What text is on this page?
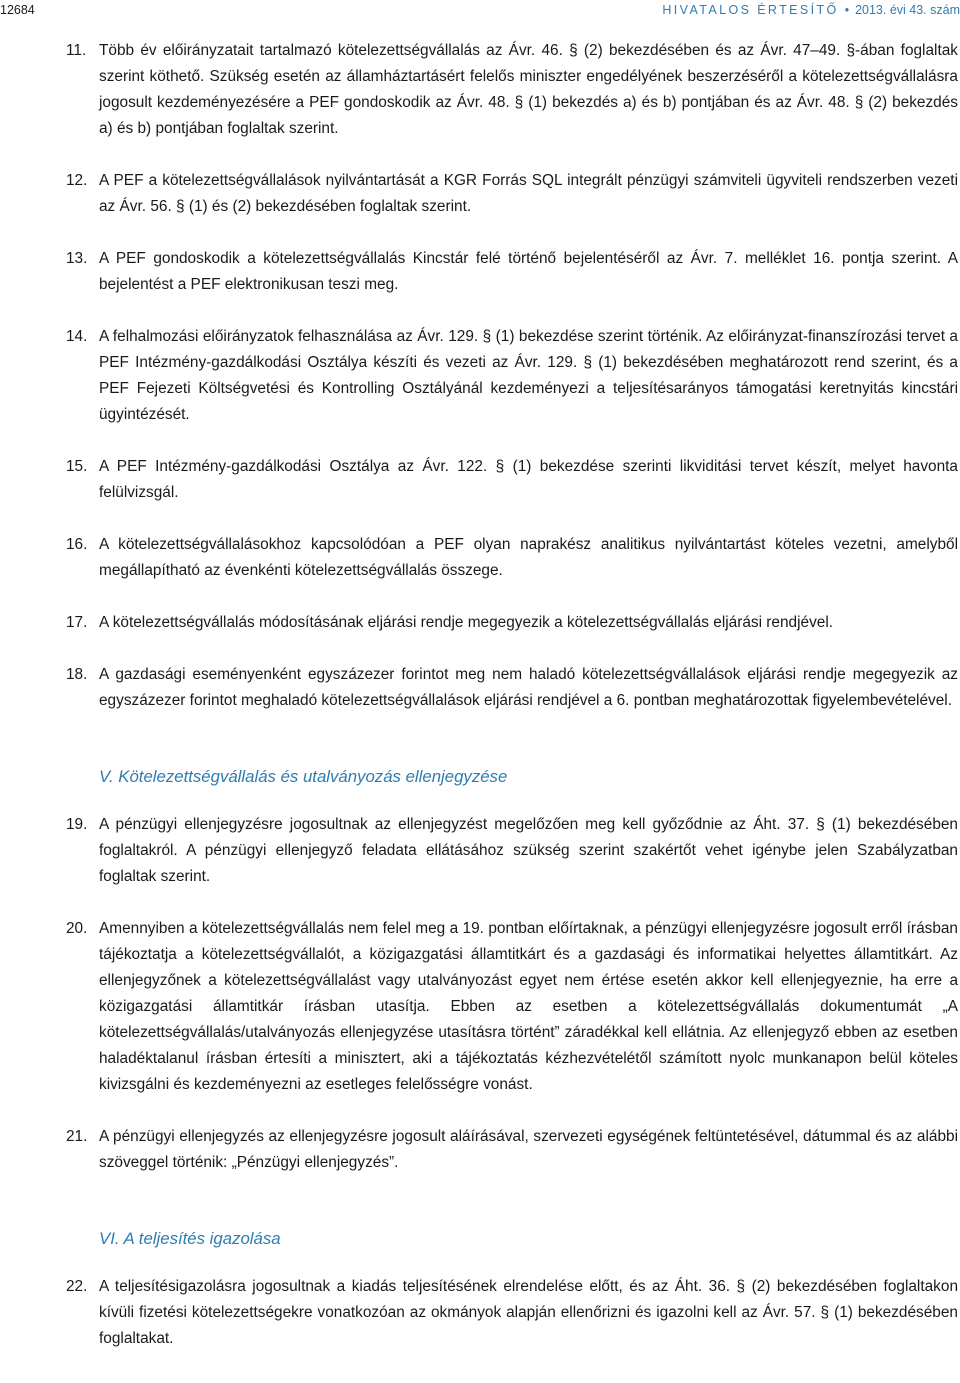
12684	HIVATALOS ÉRTESÍTŐ • 2013. évi 43. szám
11. Több év előirányzatait tartalmazó kötelezettségvállalás az Ávr. 46. § (2) bekezdésében és az Ávr. 47–49. §-ában foglaltak szerint köthető. Szükség esetén az államháztartásért felelős miniszter engedélyének beszerzéséről a kötelezettségvállalásra jogosult kezdeményezésére a PEF gondoskodik az Ávr. 48. § (1) bekezdés a) és b) pontjában és az Ávr. 48. § (2) bekezdés a) és b) pontjában foglaltak szerint.
12. A PEF a kötelezettségvállalások nyilvántartását a KGR Forrás SQL integrált pénzügyi számviteli ügyviteli rendszerben vezeti az Ávr. 56. § (1) és (2) bekezdésében foglaltak szerint.
13. A PEF gondoskodik a kötelezettségvállalás Kincstár felé történő bejelentéséről az Ávr. 7. melléklet 16. pontja szerint. A bejelentést a PEF elektronikusan teszi meg.
14. A felhalmozási előirányzatok felhasználása az Ávr. 129. § (1) bekezdése szerint történik. Az előirányzat-finanszírozási tervet a PEF Intézmény-gazdálkodási Osztálya készíti és vezeti az Ávr. 129. § (1) bekezdésében meghatározott rend szerint, és a PEF Fejezeti Költségvetési és Kontrolling Osztályánál kezdeményezi a teljesítésarányos támogatási keretnyitás kincstári ügyintézését.
15. A PEF Intézmény-gazdálkodási Osztálya az Ávr. 122. § (1) bekezdése szerinti likviditási tervet készít, melyet havonta felülvizsgál.
16. A kötelezettségvállalásokhoz kapcsolódóan a PEF olyan naprakész analitikus nyilvántartást köteles vezetni, amelyből megállapítható az évenkénti kötelezettségvállalás összege.
17. A kötelezettségvállalás módosításának eljárási rendje megegyezik a kötelezettségvállalás eljárási rendjével.
18. A gazdasági eseményenként egyszázezer forintot meg nem haladó kötelezettségvállalások eljárási rendje megegyezik az egyszázezer forintot meghaladó kötelezettségvállalások eljárási rendjével a 6. pontban meghatározottak figyelembevételével.
V. Kötelezettségvállalás és utalványozás ellenjegyzése
19. A pénzügyi ellenjegyzésre jogosultnak az ellenjegyzést megelőzően meg kell győződnie az Áht. 37. § (1) bekezdésében foglaltakról. A pénzügyi ellenjegyző feladata ellátásához szükség szerint szakértőt vehet igénybe jelen Szabályzatban foglaltak szerint.
20. Amennyiben a kötelezettségvállalás nem felel meg a 19. pontban előírtaknak, a pénzügyi ellenjegyzésre jogosult erről írásban tájékoztatja a kötelezettségvállalót, a közigazgatási államtitkárt és a gazdasági és informatikai helyettes államtitkárt. Az ellenjegyzőnek a kötelezettségvállalást vagy utalványozást egyet nem értése esetén akkor kell ellenjegyeznie, ha erre a közigazgatási államtitkár írásban utasítja. Ebben az esetben a kötelezettségvállalás dokumentumát „A kötelezettségvállalás/utalványozás ellenjegyzése utasításra történt” záradékkal kell ellátnia. Az ellenjegyző ebben az esetben haladéktalanul írásban értesíti a minisztert, aki a tájékoztatás kézhezvételétől számított nyolc munkanapon belül köteles kivizsgálni és kezdeményezni az esetleges felelősségre vonást.
21. A pénzügyi ellenjegyzés az ellenjegyzésre jogosult aláírásával, szervezeti egységének feltüntetésével, dátummal és az alábbi szöveggel történik: „Pénzügyi ellenjegyzés”.
VI. A teljesítés igazolása
22. A teljesítésigazolásra jogosultnak a kiadás teljesítésének elrendelése előtt, és az Áht. 36. § (2) bekezdésében foglaltakon kívüli fizetési kötelezettségekre vonatkozóan az okmányok alapján ellenőrizni és igazolni kell az Ávr. 57. § (1) bekezdésében foglaltakat.
